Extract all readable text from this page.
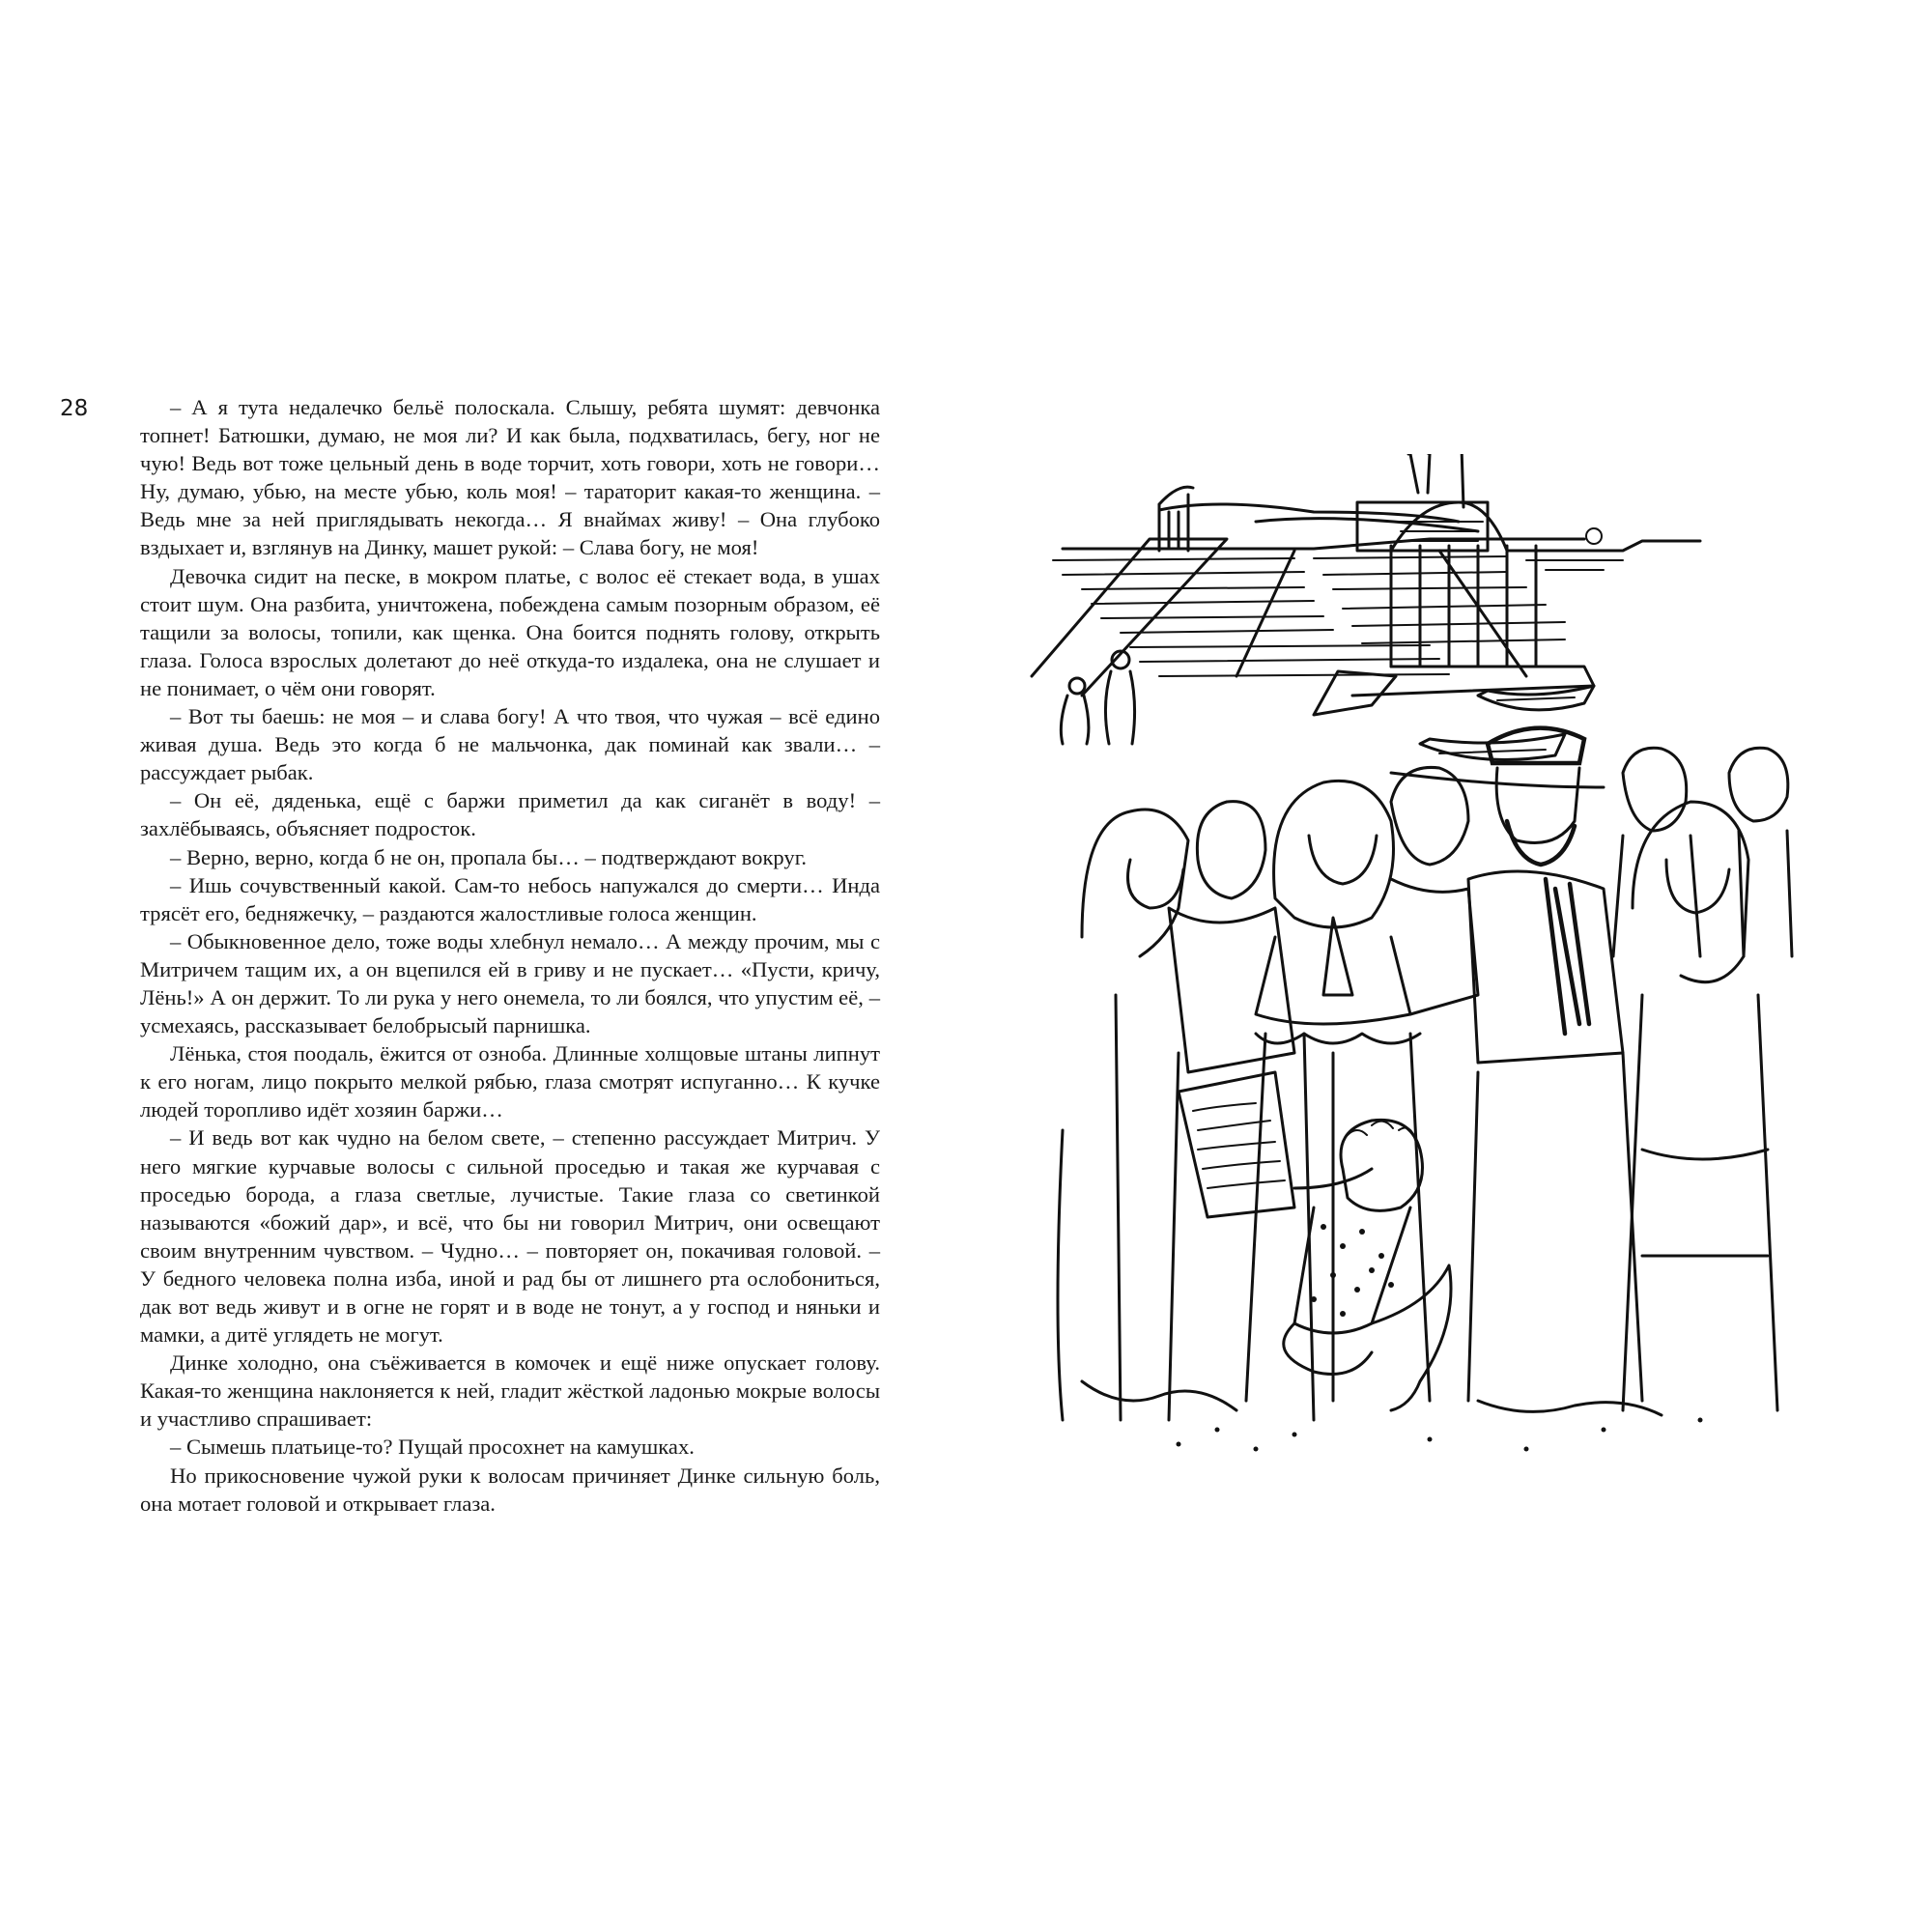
28	– А я тута недалечко бельё полоскала. Слышу, ребята шумят: девчонка топнет! Батюшки, думаю, не моя ли? И как была, подхватилась, бегу, ног не чую! Ведь вот тоже цельный день в воде торчит, хоть говори, хоть не говори… Ну, думаю, убью, на месте убью, коль моя! – тараторит какая-то женщина. – Ведь мне за ней приглядывать некогда… Я внаймах живу! – Она глубоко вздыхает и, взглянув на Динку, машет рукой: – Слава богу, не моя!

Девочка сидит на песке, в мокром платье, с волос её стекает вода, в ушах стоит шум. Она разбита, уничтожена, побеждена самым позорным образом, её тащили за волосы, топили, как щенка. Она боится поднять голову, открыть глаза. Голоса взрослых долетают до неё откуда-то издалека, она не слушает и не понимает, о чём они говорят.

– Вот ты баешь: не моя – и слава богу! А что твоя, что чужая – всё едино живая душа. Ведь это когда б не мальчонка, дак поминай как звали… – рассуждает рыбак.

– Он её, дяденька, ещё с баржи приметил да как сиганёт в воду! – захлёбываясь, объясняет подросток.

– Верно, верно, когда б не он, пропала бы… – подтверждают вокруг.

– Ишь сочувственный какой. Сам-то небось напужался до смерти… Инда трясёт его, бедняжечку, – раздаются жалостливые голоса женщин.

– Обыкновенное дело, тоже воды хлебнул немало… А между прочим, мы с Митричем тащим их, а он вцепился ей в гриву и не пускает… «Пусти, кричу, Лёнь!» А он держит. То ли рука у него онемела, то ли боялся, что упустим её, – усмехаясь, рассказывает белобрысый парнишка.

Лёнька, стоя поодаль, ёжится от озноба. Длинные холщовые штаны липнут к его ногам, лицо покрыто мелкой рябью, глаза смотрят испуганно… К кучке людей торопливо идёт хозяин баржи…

– И ведь вот как чудно на белом свете, – степенно рассуждает Митрич. У него мягкие курчавые волосы с сильной проседью и такая же курчавая с проседью борода, а глаза светлые, лучистые. Такие глаза со светинкой называются «божий дар», и всё, что бы ни говорил Митрич, они освещают своим внутренним чувством. – Чудно… – повторяет он, покачивая головой. – У бедного человека полна изба, иной и рад бы от лишнего рта ослобониться, дак вот ведь живут и в огне не горят и в воде не тонут, а у господ и няньки и мамки, а дитё углядеть не могут.

Динке холодно, она съёживается в комочек и ещё ниже опускает голову. Какая-то женщина наклоняется к ней, гладит жёсткой ладонью мокрые волосы и участливо спрашивает:

– Сымешь платьице-то? Пущай просохнет на камушках.

Но прикосновение чужой руки к волосам причиняет Динке сильную боль, она мотает головой и открывает глаза.
